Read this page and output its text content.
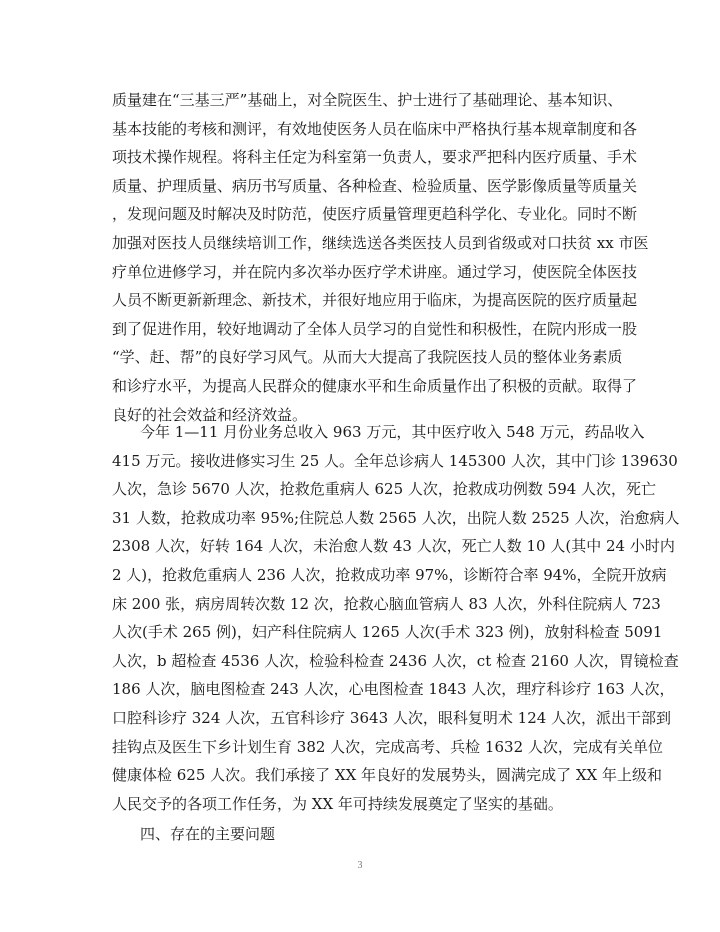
质量建在“三基三严”基础上，对全院医生、护士进行了基础理论、基本知识、
基本技能的考核和测评，有效地使医务人员在临床中严格执行基本规章制度和各
项技术操作规程。将科主任定为科室第一负责人，要求严把科内医疗质量、手术
质量、护理质量、病历书写质量、各种检查、检验质量、医学影像质量等质量关
，发现问题及时解决及时防范，使医疗质量管理更趋科学化、专业化。同时不断
加强对医技人员继续培训工作，继续选送各类医技人员到省级或对口扶贫 xx 市医
疗单位进修学习，并在院内多次举办医疗学术讲座。通过学习，使医院全体医技
人员不断更新新理念、新技术，并很好地应用于临床，为提高医院的医疗质量起
到了促进作用，较好地调动了全体人员学习的自觉性和积极性，在院内形成一股
“学、赶、帮”的良好学习风气。从而大大提高了我院医技人员的整体业务素质
和诊疗水平，为提高人民群众的健康水平和生命质量作出了积极的贡献。取得了
良好的社会效益和经济效益。
今年 1—11 月份业务总收入 963 万元，其中医疗收入 548 万元，药品收入
415 万元。接收进修实习生 25 人。全年总诊病人 145300 人次，其中门诊 139630
人次，急诊 5670 人次，抢救危重病人 625 人次，抢救成功例数 594 人次，死亡
31 人数，抢救成功率 95%;住院总人数 2565 人次，出院人数 2525 人次，治愈病人
2308 人次，好转 164 人次，未治愈人数 43 人次，死亡人数 10 人(其中 24 小时内
2 人)，抢救危重病人 236 人次，抢救成功率 97%，诊断符合率 94%，全院开放病
床 200 张，病房周转次数 12 次，抢救心脑血管病人 83 人次，外科住院病人 723
人次(手术 265 例)，妇产科住院病人 1265 人次(手术 323 例)，放射科检查 5091
人次，b 超检查 4536 人次，检验科检查 2436 人次，ct 检查 2160 人次，胃镜检查
186 人次，脑电图检查 243 人次，心电图检查 1843 人次，理疗科诊疗 163 人次，
口腔科诊疗 324 人次，五官科诊疗 3643 人次，眼科复明术 124 人次，派出干部到
挂钩点及医生下乡计划生育 382 人次，完成高考、兵检 1632 人次，完成有关单位
健康体检 625 人次。我们承接了 XX 年良好的发展势头，圆满完成了 XX 年上级和
人民交予的各项工作任务，为 XX 年可持续发展奠定了坚实的基础。
四、存在的主要问题
3
